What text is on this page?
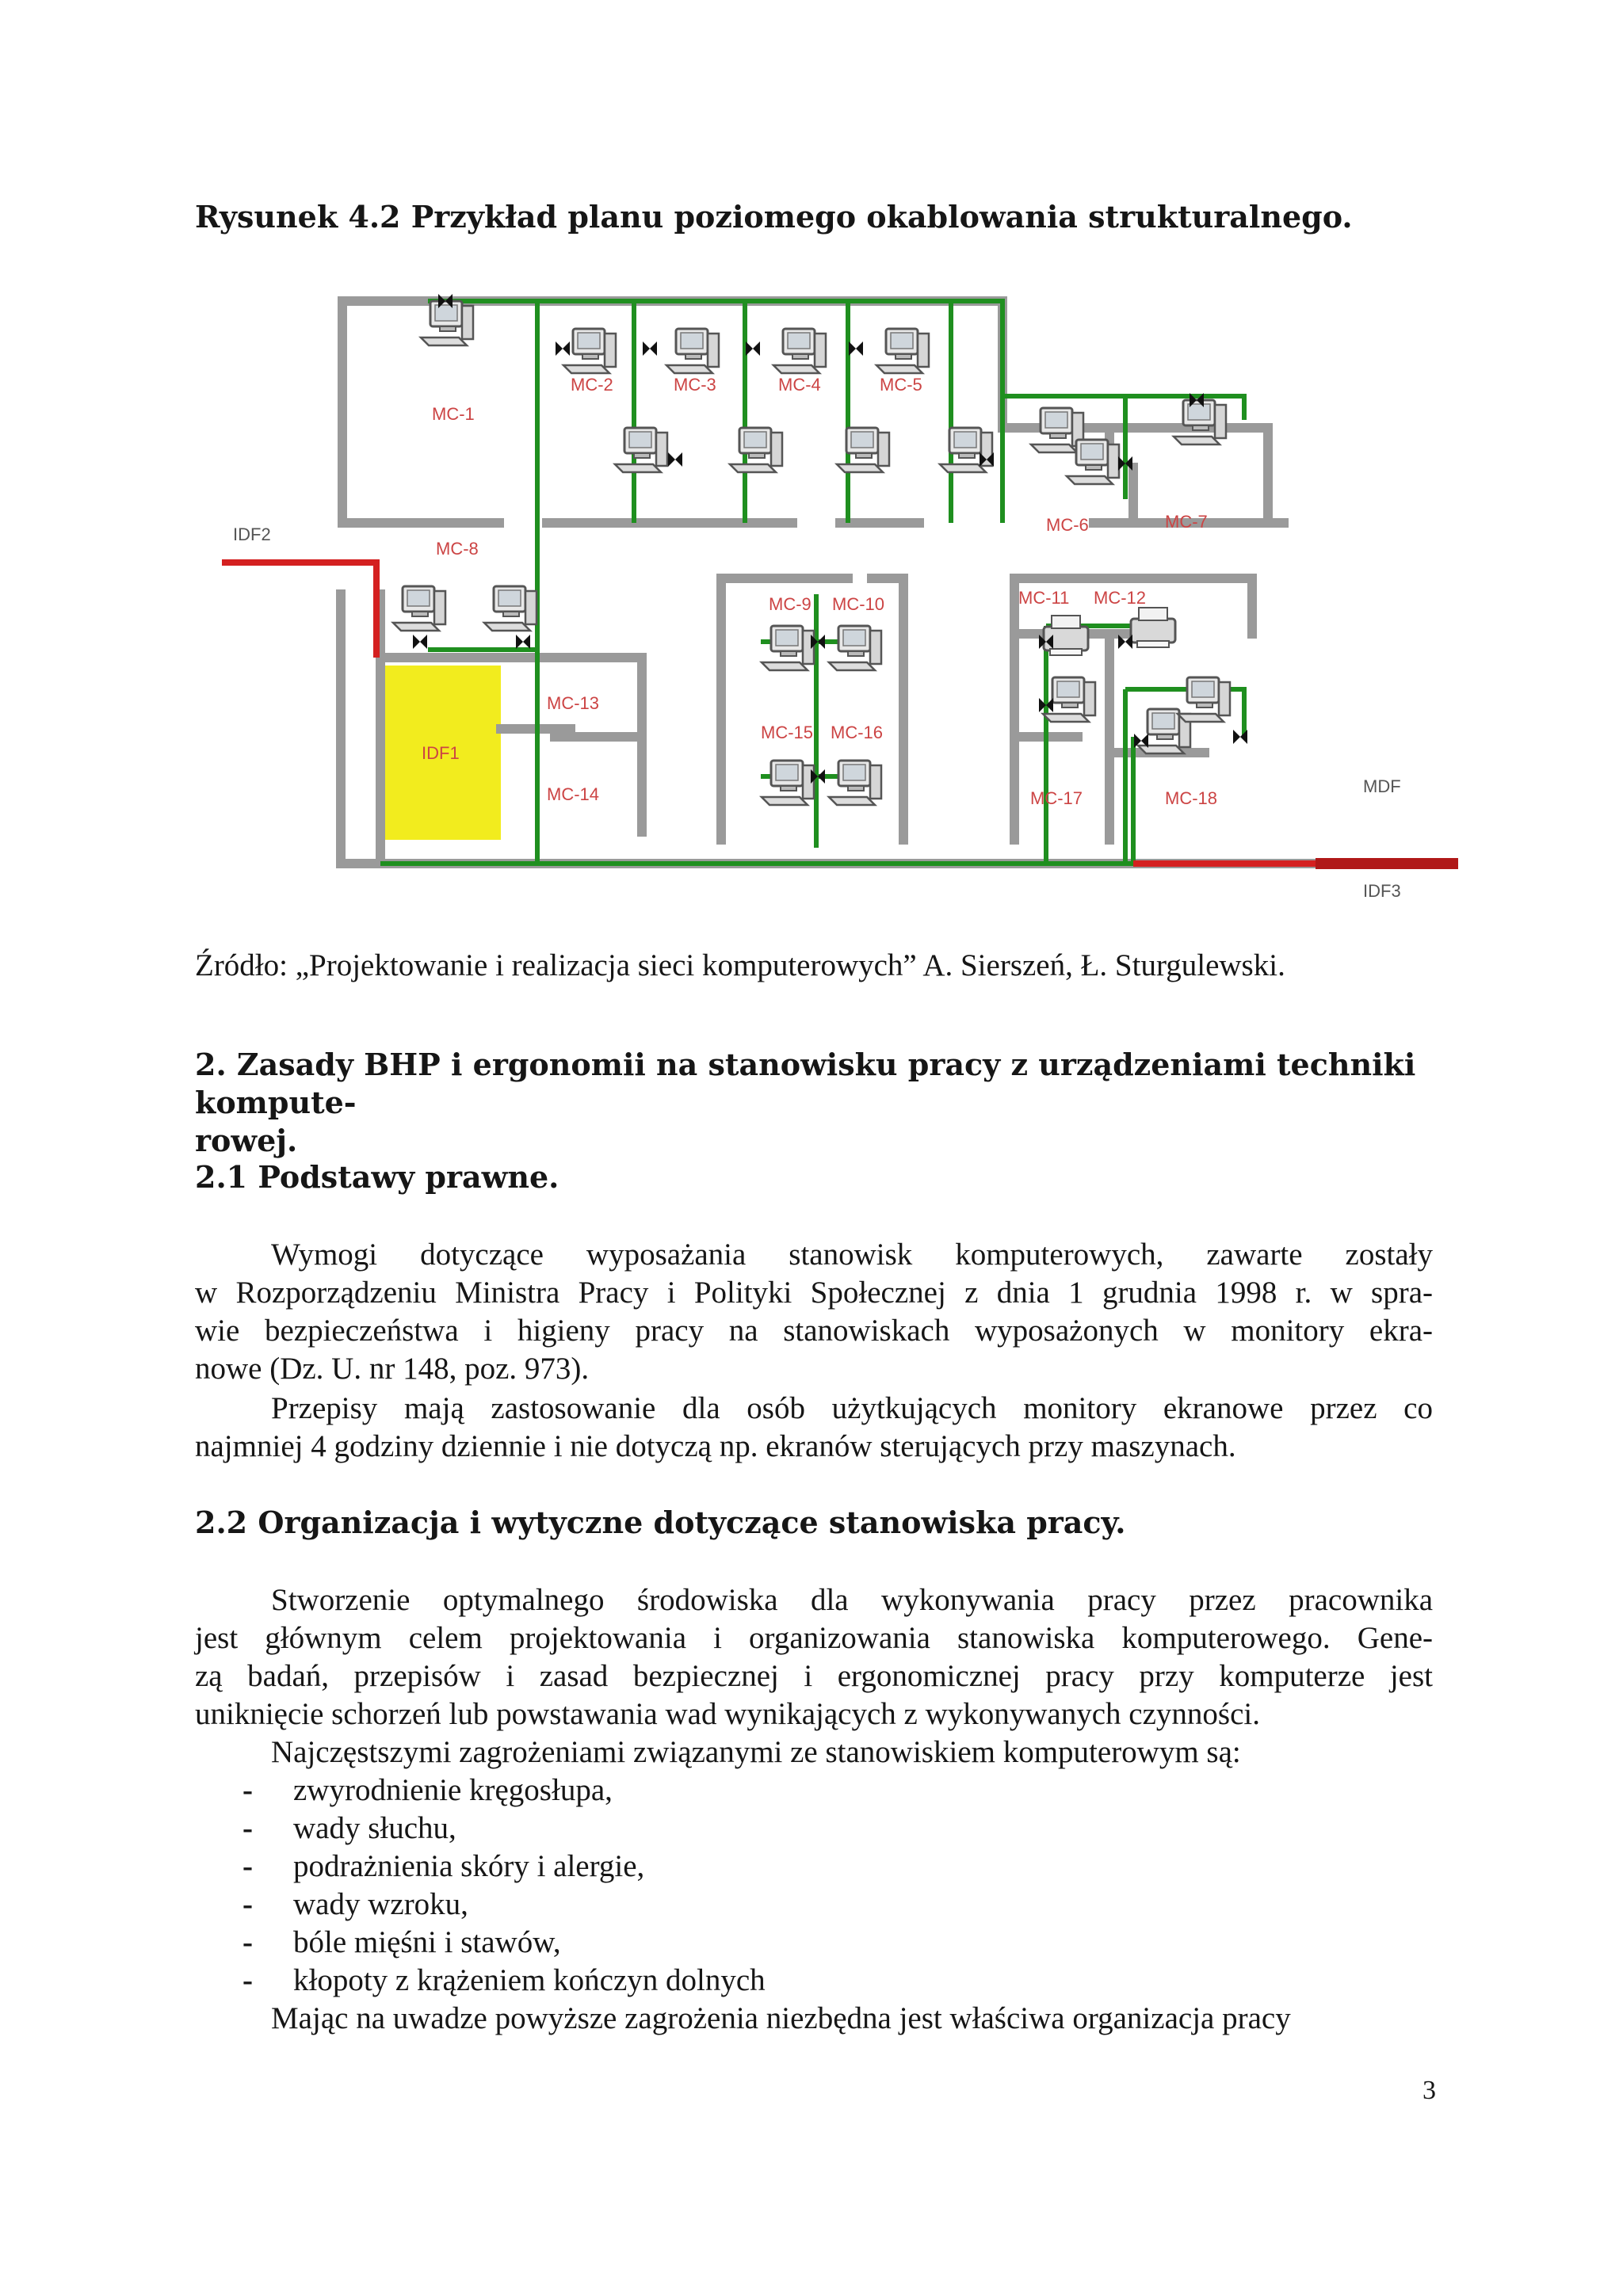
Rysunek 4.2 Przykład planu poziomego okablowania strukturalnego.
MC-1
MC-2	MC-3	MC-4	MC-5
MC-6	MC-7
MC-8
MC-9 MC-10	MC-11 MC-12
MC-13
MC-14
MC-15 MC-16
MC-17	MC-18
IDF1
IDF2
MDF
IDF3
Źródło: „Projektowanie i realizacja sieci komputerowych” A. Sierszeń, Ł. Sturgulewski.
2. Zasady BHP i ergonomii na stanowisku pracy z urządzeniami techniki kompute-
rowej.
2.1 Podstawy prawne.
Wymogi dotyczące wyposażania stanowisk komputerowych, zawarte zostały
w Rozporządzeniu Ministra Pracy i Polityki Społecznej z dnia 1 grudnia 1998 r. w spra-
wie bezpieczeństwa i higieny pracy na stanowiskach wyposażonych w monitory ekra-
nowe (Dz. U. nr 148, poz. 973).
Przepisy mają zastosowanie dla osób użytkujących monitory ekranowe przez co
najmniej 4 godziny dziennie i nie dotyczą np. ekranów sterujących przy maszynach.
2.2 Organizacja i wytyczne dotyczące stanowiska pracy.
Stworzenie optymalnego środowiska dla wykonywania pracy przez pracownika
jest głównym celem projektowania i organizowania stanowiska komputerowego. Gene-
zą badań, przepisów i zasad bezpiecznej i ergonomicznej pracy przy komputerze jest
uniknięcie schorzeń lub powstawania wad wynikających z wykonywanych czynności.
Najczęstszymi zagrożeniami związanymi ze stanowiskiem komputerowym są:
- zwyrodnienie kręgosłupa,
- wady słuchu,
- podrażnienia skóry i alergie,
- wady wzroku,
- bóle mięśni i stawów,
- kłopoty z krążeniem kończyn dolnych
Mając na uwadze powyższe zagrożenia niezbędna jest właściwa organizacja pracy
3
